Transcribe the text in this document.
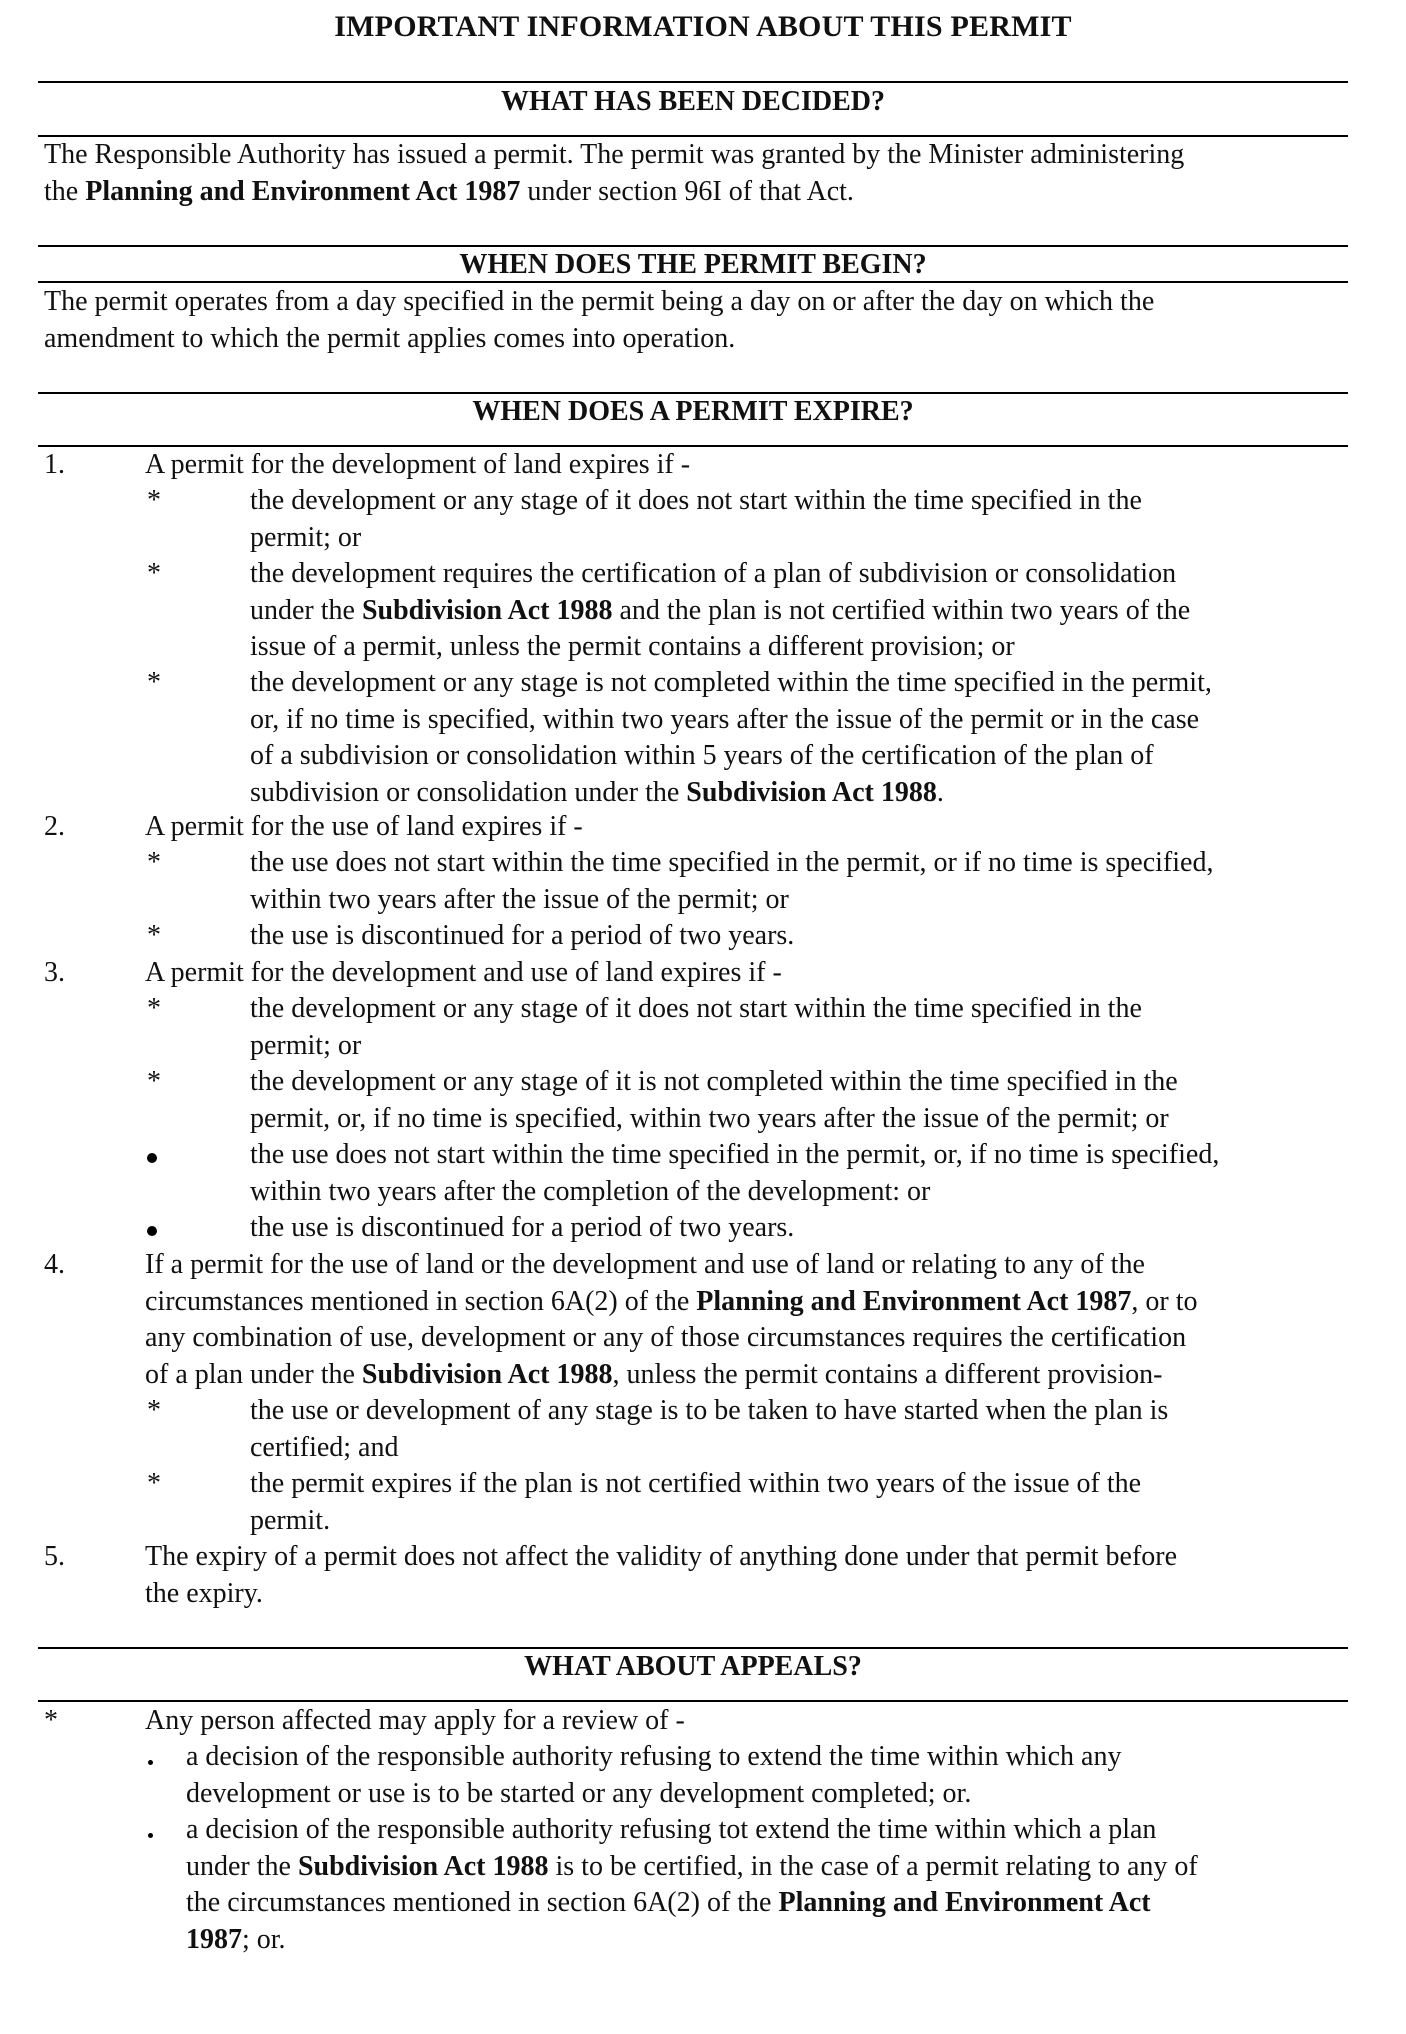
IMPORTANT INFORMATION ABOUT THIS PERMIT
WHAT HAS BEEN DECIDED?
The Responsible Authority has issued a permit. The permit was granted by the Minister administering
the Planning and Environment Act 1987 under section 96I of that Act.
WHEN DOES THE PERMIT BEGIN?
The permit operates from a day specified in the permit being a day on or after the day on which the
amendment to which the permit applies comes into operation.
WHEN DOES A PERMIT EXPIRE?
1.	A permit for the development of land expires if -
*	the development or any stage of it does not start within the time specified in the
permit; or
*	the development requires the certification of a plan of subdivision or consolidation
under the Subdivision Act 1988 and the plan is not certified within two years of the
issue of a permit, unless the permit contains a different provision; or
*	the development or any stage is not completed within the time specified in the permit,
or, if no time is specified, within two years after the issue of the permit or in the case
of a subdivision or consolidation within 5 years of the certification of the plan of
subdivision or consolidation under the Subdivision Act 1988.
2.	A permit for the use of land expires if -
*	the use does not start within the time specified in the permit, or if no time is specified,
within two years after the issue of the permit; or
*	the use is discontinued for a period of two years.
3.	A permit for the development and use of land expires if -
*	the development or any stage of it does not start within the time specified in the
permit; or
*	the development or any stage of it is not completed within the time specified in the
permit, or, if no time is specified, within two years after the issue of the permit; or
the use does not start within the time specified in the permit, or, if no time is specified,
within two years after the completion of the development: or
the use is discontinued for a period of two years.
4.	If a permit for the use of land or the development and use of land or relating to any of the
circumstances mentioned in section 6A(2) of the Planning and Environment Act 1987, or to
any combination of use, development or any of those circumstances requires the certification
of a plan under the Subdivision Act 1988, unless the permit contains a different provision-
*	the use or development of any stage is to be taken to have started when the plan is
certified; and
*	the permit expires if the plan is not certified within two years of the issue of the
permit.
5.	The expiry of a permit does not affect the validity of anything done under that permit before
the expiry.
WHAT ABOUT APPEALS?
*	Any person affected may apply for a review of -
a decision of the responsible authority refusing to extend the time within which any
development or use is to be started or any development completed; or.
a decision of the responsible authority refusing tot extend the time within which a plan
under the Subdivision Act 1988 is to be certified, in the case of a permit relating to any of
the circumstances mentioned in section 6A(2) of the Planning and Environment Act
1987; or.
